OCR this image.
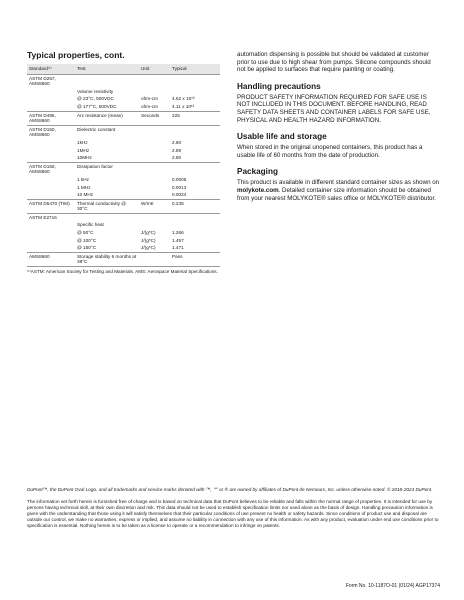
Typical properties, cont.
Standard⁽¹⁾	Test	Unit	Typical
ASTM D257, AMS8660			
	Volume resistivity		
	@ 23°C, 500VDC	ohm-cm	4.62 x 10¹³
	@ 177°C, 500VDC	ohm-cm	4.11 x 10¹³
ASTM D495, AMS8660	Arc resistance (mean)	Seconds	225
ASTM D150, AMS8660	Dielectric constant		
	1kHz		2.80
	1MHz		2.89
	10MHz		2.80
ASTM D150, AMS8660	Dissipation factor		
	1 kHz		0.0006
	1 MHz		0.0013
	10 MHz		0.0024
ASTM D5470 (TIM)	Thermal conductivity @ 30°C	W/mK	0.235
ASTM E2716			
	Specific heat		
	@ 50°C	J/(g*C)	1.266
	@ 100°C	J/(g*C)	1.457
	@ 150°C	J/(g*C)	1.471
AMS8660	Storage stability 6 months at 38°C		Pass
⁽¹⁾ASTM: American Society for Testing and Materials. AMS: Aerospace Material Specifications.

automation dispensing is possible but should be validated at customer prior to use due to high shear from pumps. Silicone compounds should not be applied to surfaces that require painting or coating.

Handling precautions

PRODUCT SAFETY INFORMATION REQUIRED FOR SAFE USE IS NOT INCLUDED IN THIS DOCUMENT. BEFORE HANDLING, READ SAFETY DATA SHEETS AND CONTAINER LABELS FOR SAFE USE, PHYSICAL AND HEALTH HAZARD INFORMATION.

Usable life and storage

When stored in the original unopened containers, this product has a usable life of 60 months from the date of production.

Packaging

This product is available in different standard container sizes as shown on molykote.com. Detailed container size information should be obtained from your nearest MOLYKOTE® sales office or MOLYKOTE® distributor.

DuPont™, the DuPont Oval Logo, and all trademarks and service marks denoted with ™, ℠ or ® are owned by affiliates of DuPont de Nemours, Inc. unless otherwise noted. © 2018-2024 DuPont.

The information set forth herein is furnished free of charge and is based on technical data that DuPont believes to be reliable and falls within the normal range of properties. It is intended for use by persons having technical skill, at their own discretion and risk. This data should not be used to establish specification limits nor used alone as the basis of design. Handling precaution information is given with the understanding that those using it will satisfy themselves that their particular conditions of use present no health or safety hazards. Since conditions of product use and disposal are outside our control, we make no warranties, express or implied, and assume no liability in connection with any use of this information. As with any product, evaluation under end use conditions prior to specification is essential. Nothing herein is to be taken as a license to operate or a recommendation to infringe on patents.

Form No. 10-1187O-01 (01/24) AGP17374
